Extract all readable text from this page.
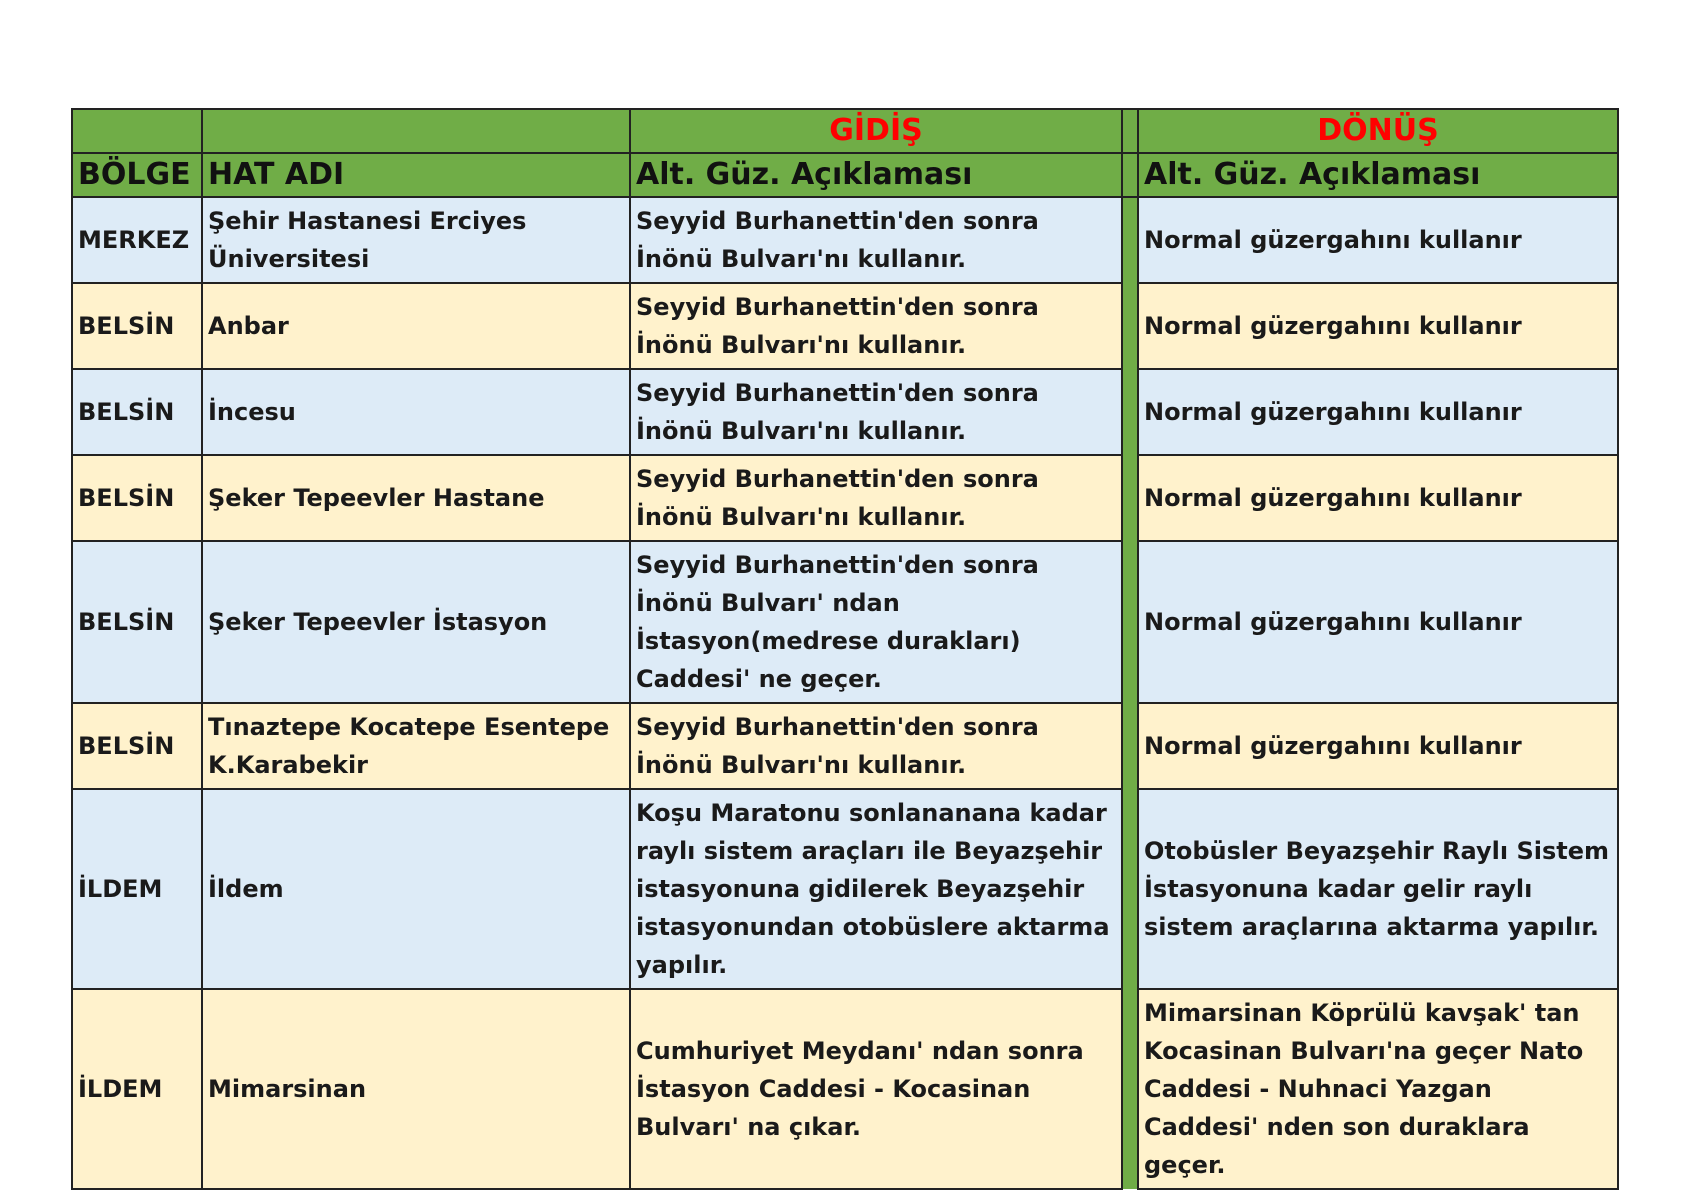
		GİDİŞ		DÖNÜŞ
BÖLGE	HAT ADI	Alt. Güz. Açıklaması		Alt. Güz. Açıklaması
MERKEZ	Şehir Hastanesi Erciyes Üniversitesi	Seyyid Burhanettin'den sonra İnönü Bulvarı'nı kullanır.		Normal güzergahını kullanır
BELSİN	Anbar	Seyyid Burhanettin'den sonra İnönü Bulvarı'nı kullanır.		Normal güzergahını kullanır
BELSİN	İncesu	Seyyid Burhanettin'den sonra İnönü Bulvarı'nı kullanır.		Normal güzergahını kullanır
BELSİN	Şeker Tepeevler Hastane	Seyyid Burhanettin'den sonra İnönü Bulvarı'nı kullanır.		Normal güzergahını kullanır
BELSİN	Şeker Tepeevler İstasyon	Seyyid Burhanettin'den sonra İnönü Bulvarı' ndan İstasyon(medrese durakları) Caddesi' ne geçer.		Normal güzergahını kullanır
BELSİN	Tınaztepe Kocatepe Esentepe K.Karabekir	Seyyid Burhanettin'den sonra İnönü Bulvarı'nı kullanır.		Normal güzergahını kullanır
İLDEM	İldem	Koşu Maratonu sonlananana kadar raylı sistem araçları ile Beyazşehir istasyonuna gidilerek Beyazşehir istasyonundan otobüslere aktarma yapılır.		Otobüsler Beyazşehir Raylı Sistem İstasyonuna kadar gelir raylı sistem araçlarına aktarma yapılır.
İLDEM	Mimarsinan	Cumhuriyet Meydanı' ndan sonra İstasyon Caddesi - Kocasinan Bulvarı' na çıkar.		Mimarsinan Köprülü kavşak' tan Kocasinan Bulvarı'na geçer Nato Caddesi - Nuhnaci Yazgan Caddesi' nden son duraklara geçer.
